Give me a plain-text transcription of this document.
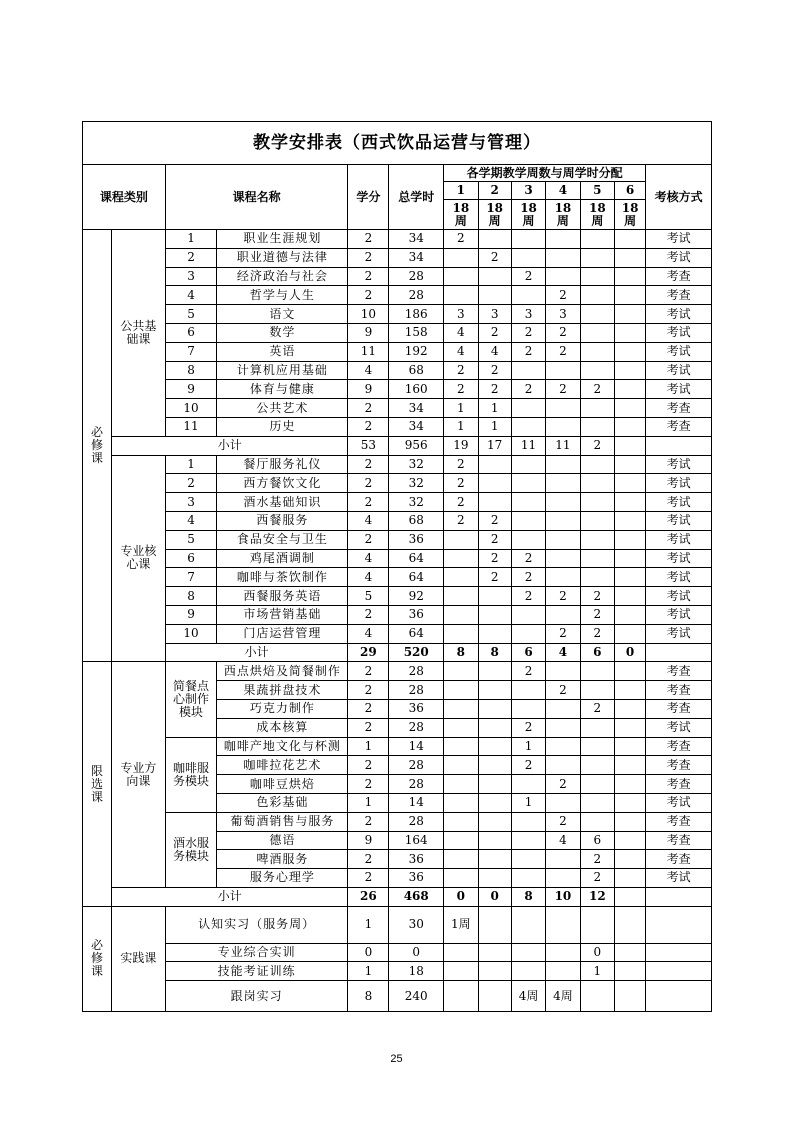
教学安排表（西式饮品运营与管理）												
课程类别		课程名称		学分	总学时	各学期教学周数与周学时分配						考核方式
						1	2	3	4	5	6	
						18周	18周	18周	18周	18周	18周	
必修课	公共基础课	1	职业生涯规划	2	34	2						考试
		2	职业道德与法律	2	34		2					考试
		3	经济政治与社会	2	28			2				考查
		4	哲学与人生	2	28				2			考查
		5	语文	10	186	3	3	3	3			考试
		6	数学	9	158	4	2	2	2			考试
		7	英语	11	192	4	4	2	2			考试
		8	计算机应用基础	4	68	2	2					考试
		9	体育与健康	9	160	2	2	2	2	2		考试
		10	公共艺术	2	34	1	1					考查
		11	历史	2	34	1	1					考查
	小计			53	956	19	17	11	11	2		
	专业核心课	1	餐厅服务礼仪	2	32	2						考试
		2	西方餐饮文化	2	32	2						考试
		3	酒水基础知识	2	32	2						考试
		4	西餐服务	4	68	2	2					考试
		5	食品安全与卫生	2	36		2					考试
		6	鸡尾酒调制	4	64		2	2				考试
		7	咖啡与茶饮制作	4	64		2	2				考试
		8	西餐服务英语	5	92			2	2	2		考试
		9	市场营销基础	2	36					2		考试
		10	门店运营管理	4	64				2	2		考试
		小计		29	520	8	8	6	4	6	0	
限选课	专业方向课	简餐点心制作模块	西点烘焙及简餐制作	2	28			2				考查
			果蔬拼盘技术	2	28				2			考查
			巧克力制作	2	36					2		考查
			成本核算	2	28			2				考试
		咖啡服务模块	咖啡产地文化与杯测	1	14			1				考查
			咖啡拉花艺术	2	28			2				考查
			咖啡豆烘焙	2	28				2			考查
			色彩基础	1	14			1				考试
		酒水服务模块	葡萄酒销售与服务	2	28				2			考查
			德语	9	164				4	6		考查
			啤酒服务	2	36					2		考查
			服务心理学	2	36					2		考试
	小计			26	468	0	0	8	10	12		
必修课	实践课	认知实习（服务周）		1	30	1周						
		专业综合实训		0	0					0		
		技能考证训练		1	18					1		
		跟岗实习		8	240			4周	4周			
25
